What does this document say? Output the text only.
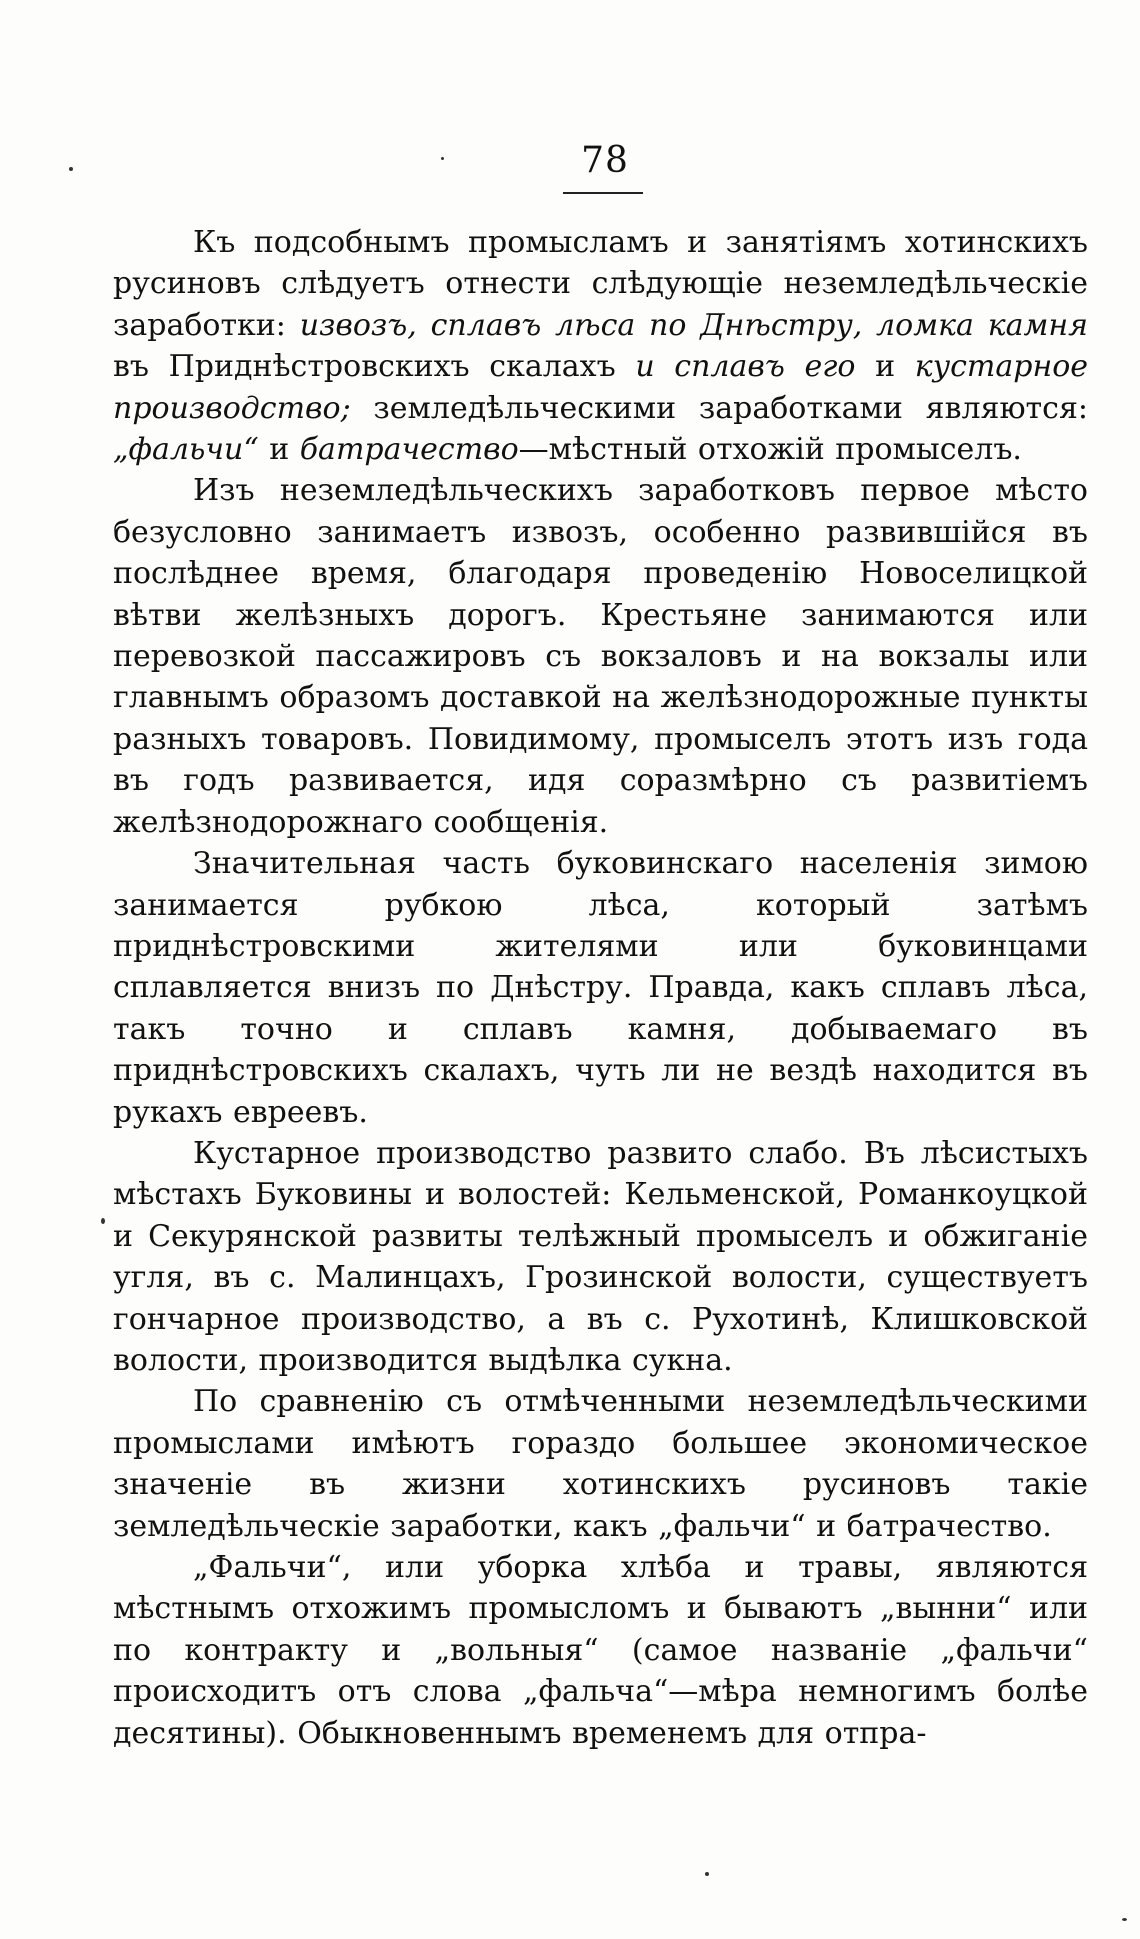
78

Къ подсобнымъ промысламъ и занятіямъ хотинскихъ русиновъ слѣдуетъ отнести слѣдующіе неземледѣльческіе заработки: извозъ, сплавъ лѣса по Днѣстру, ломка камня въ Приднѣстровскихъ скалахъ и сплавъ его и кустарное производство; земледѣльческими заработками являются: „фальчи“ и батрачество—мѣстный отхожій промыселъ.

Изъ неземледѣльческихъ заработковъ первое мѣсто безусловно занимаетъ извозъ, особенно развившійся въ послѣднее время, благодаря проведенію Новоселицкой вѣтви желѣзныхъ дорогъ. Крестьяне занимаются или перевозкой пассажировъ съ вокзаловъ и на вокзалы или главнымъ образомъ доставкой на желѣзнодорожные пункты разныхъ товаровъ. Повидимому, промыселъ этотъ изъ года въ годъ развивается, идя соразмѣрно съ развитіемъ желѣзнодорожнаго сообщенія.

Значительная часть буковинскаго населенія зимою занимается рубкою лѣса, который затѣмъ приднѣстровскими жителями или буковинцами сплавляется внизъ по Днѣстру. Правда, какъ сплавъ лѣса, такъ точно и сплавъ камня, добываемаго въ приднѣстровскихъ скалахъ, чуть ли не вездѣ находится въ рукахъ евреевъ.

Кустарное производство развито слабо. Въ лѣсистыхъ мѣстахъ Буковины и волостей: Кельменской, Романкоуцкой и Секурянской развиты телѣжный промыселъ и обжиганіе угля, въ с. Малинцахъ, Грозинской волости, существуетъ гончарное производство, а въ с. Рухотинѣ, Клишковской волости, производится выдѣлка сукна.

По сравненію съ отмѣченными неземледѣльческими промыслами имѣютъ гораздо большее экономическое значеніе въ жизни хотинскихъ русиновъ такіе земледѣльческіе заработки, какъ „фальчи“ и батрачество.

„Фальчи“, или уборка хлѣба и травы, являются мѣстнымъ отхожимъ промысломъ и бываютъ „вынни“ или по контракту и „вольныя“ (самое названіе „фальчи“ происходитъ отъ слова „фальча“—мѣра немногимъ болѣе десятины). Обыкновеннымъ временемъ для отпра-
